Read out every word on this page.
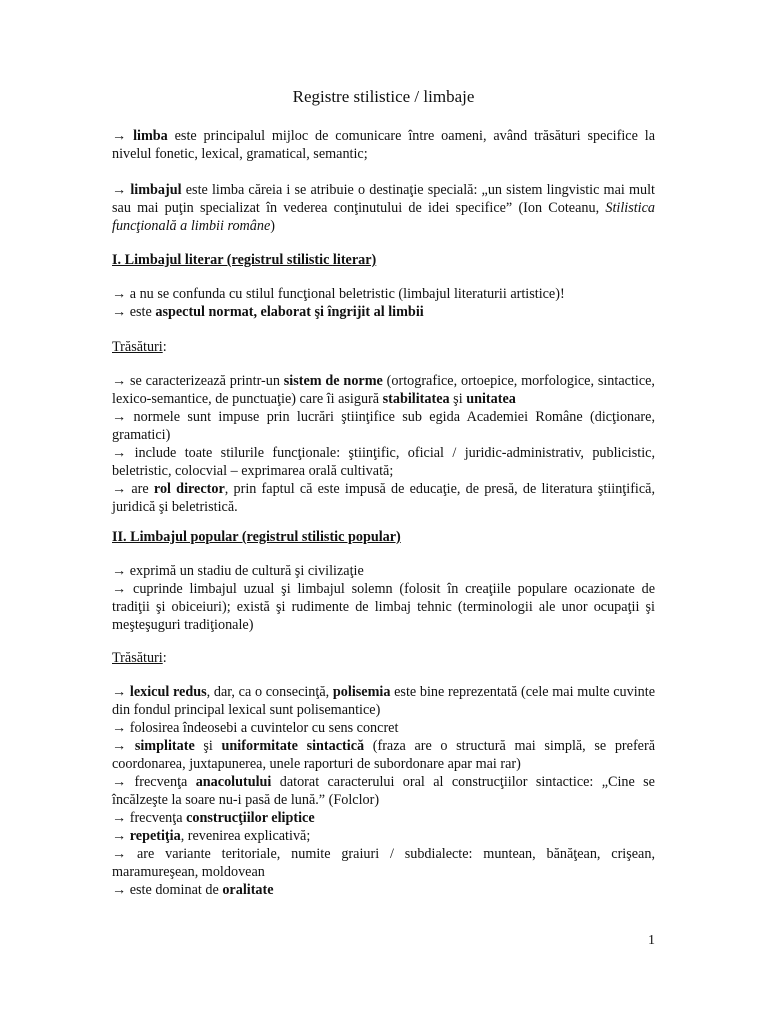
Registre stilistice / limbaje

→ limba este principalul mijloc de comunicare între oameni, având trăsături specifice la nivelul fonetic, lexical, gramatical, semantic;

→ limbajul este limba căreia i se atribuie o destinaţie specială: „un sistem lingvistic mai mult sau mai puţin specializat în vederea conţinutului de idei specifice” (Ion Coteanu, Stilistica funcţională a limbii române)

I. Limbajul literar (registrul stilistic literar)

→ a nu se confunda cu stilul funcţional beletristic (limbajul literaturii artistice)!

→ este aspectul normat, elaborat şi îngrijit al limbii

Trăsături:

→ se caracterizează printr-un sistem de norme (ortografice, ortoepice, morfologice, sintactice, lexico-semantice, de punctuaţie) care îi asigură stabilitatea şi unitatea

→ normele sunt impuse prin lucrări ştiinţifice sub egida Academiei Române (dicţionare, gramatici)

→ include toate stilurile funcţionale: ştiinţific, oficial / juridic-administrativ, publicistic, beletristic, colocvial – exprimarea orală cultivată;

→ are rol director, prin faptul că este impusă de educaţie, de presă, de literatura ştiinţifică, juridică şi beletristică.

II. Limbajul popular (registrul stilistic popular)

→ exprimă un stadiu de cultură şi civilizaţie

→ cuprinde limbajul uzual şi limbajul solemn (folosit în creaţiile populare ocazionate de tradiţii şi obiceiuri); există şi rudimente de limbaj tehnic (terminologii ale unor ocupaţii şi meşteşuguri tradiţionale)

Trăsături:

→ lexicul redus, dar, ca o consecinţă, polisemia este bine reprezentată (cele mai multe cuvinte din fondul principal lexical sunt polisemantice)

→ folosirea îndeosebi a cuvintelor cu sens concret

→ simplitate şi uniformitate sintactică (fraza are o structură mai simplă, se preferă coordonarea, juxtapunerea, unele raporturi de subordonare apar mai rar)

→ frecvenţa anacolutului datorat caracterului oral al construcţiilor sintactice: „Cine se încălzeşte la soare nu-i pasă de lună.” (Folclor)

→ frecvenţa construcţiilor eliptice

→ repetiţia, revenirea explicativă;

→ are variante teritoriale, numite graiuri / subdialecte: muntean, bănăţean, crişean, maramureşean, moldovean

→ este dominat de oralitate

1
